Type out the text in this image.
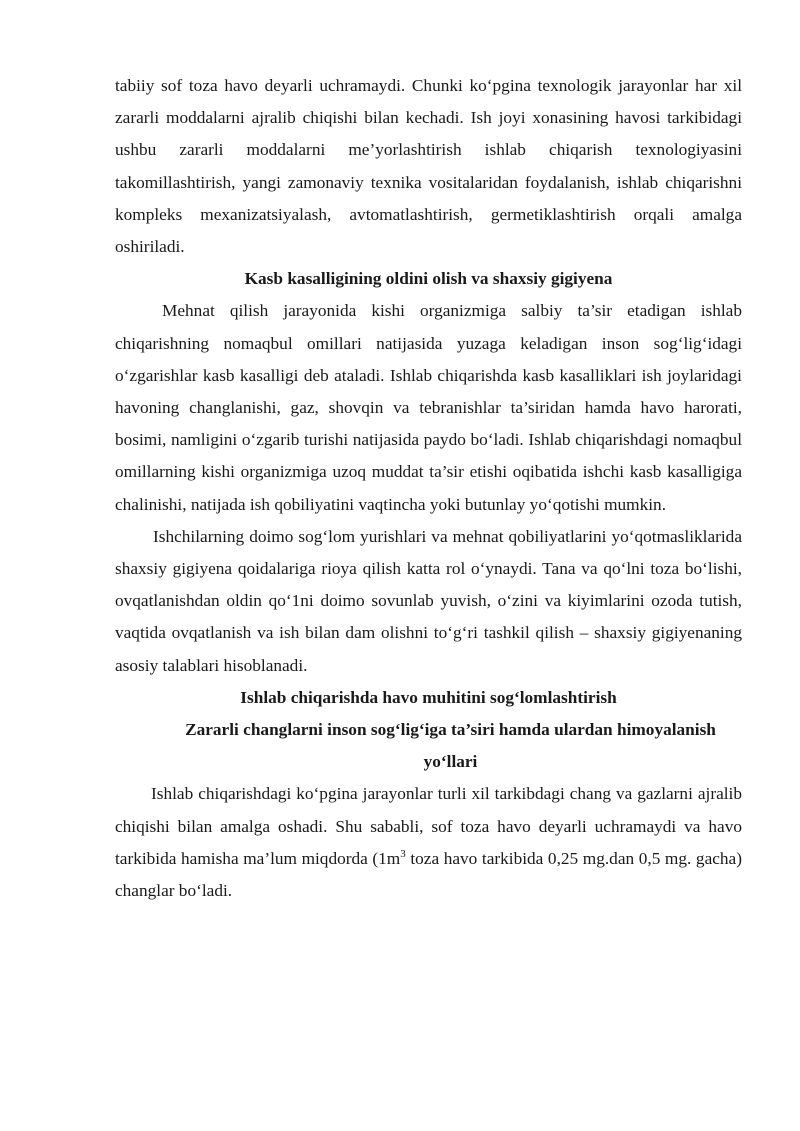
tabiiy sof toza havo deyarli uchramaydi. Chunki koʻpgina texnologik jarayonlar har xil zararli moddalarni ajralib chiqishi bilan kechadi. Ish joyi xonasining havosi tarkibidagi ushbu zararli moddalarni me’yorlashtirish ishlab chiqarish texnologiyasini takomillashtirish, yangi zamonaviy texnika vositalaridan foydalanish, ishlab chiqarishni kompleks mexanizatsiyalash, avtomatlashtirish, germetiklashtirish orqali amalga oshiriladi.

Kasb kasalligining oldini olish va shaxsiy gigiyena

Mehnat qilish jarayonida kishi organizmiga salbiy ta’sir etadigan ishlab chiqarishning nomaqbul omillari natijasida yuzaga keladigan inson sogʻligʻidagi oʻzgarishlar kasb kasalligi deb ataladi. Ishlab chiqarishda kasb kasalliklari ish joylaridagi havoning changlanishi, gaz, shovqin va tebranishlar ta’siridan hamda havo harorati, bosimi, namligini oʻzgarib turishi natijasida paydo boʻladi. Ishlab chiqarishdagi nomaqbul omillarning kishi organizmiga uzoq muddat ta’sir etishi oqibatida ishchi kasb kasalligiga chalinishi, natijada ish qobiliyatini vaqtincha yoki butunlay yoʻqotishi mumkin.

Ishchilarning doimo sogʻlom yurishlari va mehnat qobiliyatlarini yoʻqotmasliklarida shaxsiy gigiyena qoidalariga rioya qilish katta rol oʻynaydi. Tana va qoʻlni toza boʻlishi, ovqatlanishdan oldin qoʻ1ni doimo sovunlab yuvish, oʻzini va kiyimlarini ozoda tutish, vaqtida ovqatlanish va ish bilan dam olishni toʻgʻri tashkil qilish – shaxsiy gigiyenaning asosiy talablari hisoblanadi.

Ishlab chiqarishda havo muhitini sogʻlomlashtirish

Zararli changlarni inson sogʻligʻiga ta’siri hamda ulardan himoyalanish yoʻllari

Ishlab chiqarishdagi koʻpgina jarayonlar turli xil tarkibdagi chang va gazlarni ajralib chiqishi bilan amalga oshadi. Shu sababli, sof toza havo deyarli uchramaydi va havo tarkibida hamisha ma’lum miqdorda ($1m^3$ toza havo tarkibida 0,25 mg.dan 0,5 mg. gacha) changlar boʻladi.
